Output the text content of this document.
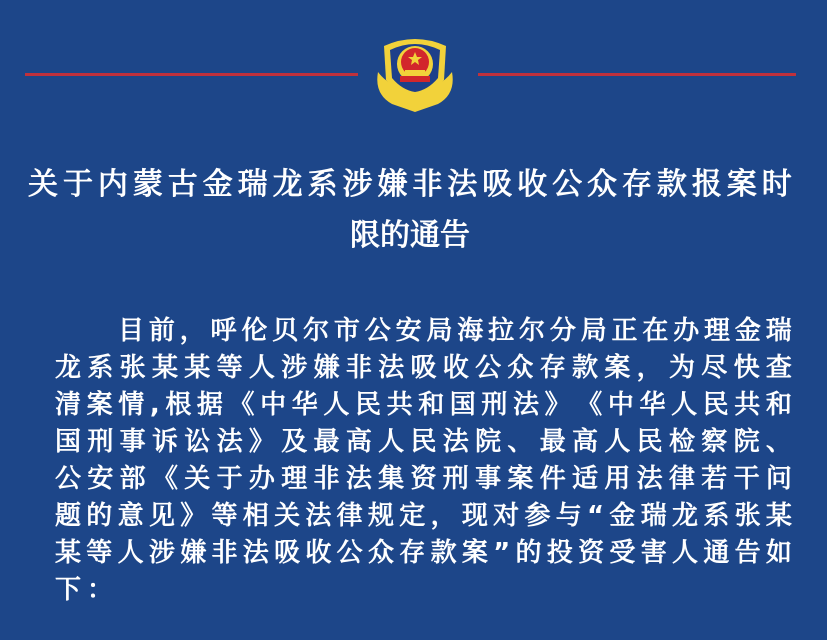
关 于 内 蒙 古 金 瑞 龙 系 涉 嫌 非 法 吸 收 公 众 存 款 报 案 时
限的通告
目 前 ， 呼 伦 贝 尔 市 公 安 局 海 拉 尔 分 局 正 在 办 理 金 瑞
龙 系 张 某 某 等 人 涉 嫌 非 法 吸 收 公 众 存 款 案 ， 为 尽 快 查
清 案 情 , 根 据 《 中 华 人 民 共 和 国 刑 法 》 《 中 华 人 民 共 和
国 刑 事 诉 讼 法 》 及 最 高 人 民 法 院 、 最 高 人 民 检 察 院 、
公 安 部 《 关 于 办 理 非 法 集 资 刑 事 案 件 适 用 法 律 若 干 问
题 的 意 见 》 等 相 关 法 律 规 定 ， 现 对 参 与 “ 金 瑞 龙 系 张 某
某 等 人 涉 嫌 非 法 吸 收 公 众 存 款 案 ” 的 投 资 受 害 人 通 告 如
下：
